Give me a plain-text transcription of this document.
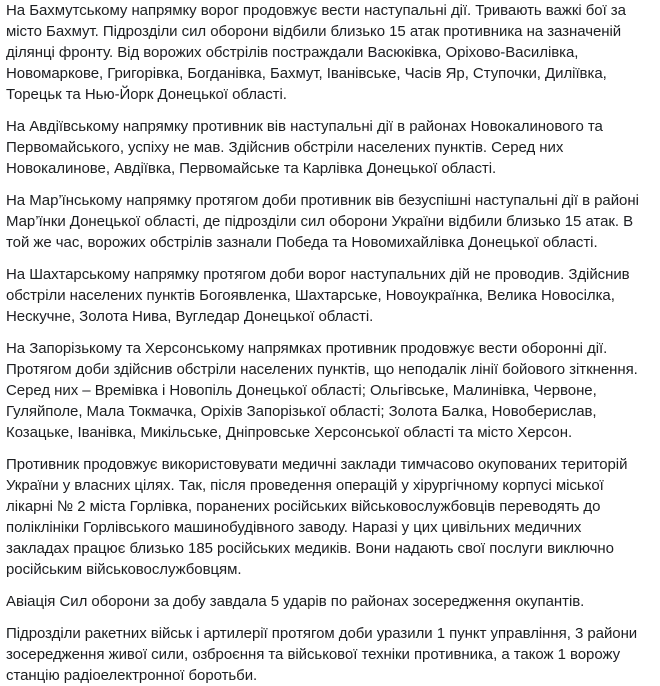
На Бахмутському напрямку ворог продовжує вести наступальні дії. Тривають важкі бої за місто Бахмут. Підрозділи сил оборони відбили близько 15 атак противника на зазначеній ділянці фронту. Від ворожих обстрілів постраждали Васюківка, Оріхово-Василівка, Новомаркове, Григорівка, Богданівка, Бахмут, Іванівське, Часів Яр, Ступочки, Диліївка, Торецьк та Нью-Йорк Донецької області.

На Авдіївському напрямку противник вів наступальні дії в районах Новокалинового та Первомайського, успіху не мав. Здійснив обстріли населених пунктів. Серед них Новокалинове, Авдіївка, Первомайське та Карлівка Донецької області.

На Мар’їнському напрямку протягом доби противник вів безуспішні наступальні дії в районі Мар’їнки Донецької області, де підрозділи сил оборони України відбили близько 15 атак. В той же час, ворожих обстрілів зазнали Победа та Новомихайлівка Донецької області.

На Шахтарському напрямку протягом доби ворог наступальних дій не проводив. Здійснив обстріли населених пунктів Богоявленка, Шахтарське, Новоукраїнка, Велика Новосілка, Нескучне, Золота Нива, Вугледар Донецької області.

На Запорізькому та Херсонському напрямках противник продовжує вести оборонні дії. Протягом доби здійснив обстріли населених пунктів, що неподалік лінії бойового зіткнення. Серед них – Времівка і Новопіль Донецької області; Ольгівське, Малинівка, Червоне, Гуляйполе, Мала Токмачка, Оріхів Запорізької області; Золота Балка, Новоберислав, Козацьке, Іванівка, Микільське, Дніпровське Херсонської області та місто Херсон.

Противник продовжує використовувати медичні заклади тимчасово окупованих територій України у власних цілях. Так, після проведення операцій у хірургічному корпусі міської лікарні № 2 міста Горлівка, поранених російських військовослужбовців переводять до поліклініки Горлівського машинобудівного заводу. Наразі у цих цивільних медичних закладах працює близько 185 російських медиків. Вони надають свої послуги виключно російським військовослужбовцям.

Авіація Сил оборони за добу завдала 5 ударів по районах зосередження окупантів.

Підрозділи ракетних військ і артилерії протягом доби уразили 1 пункт управління, 3 райони зосередження живої сили, озброєння та військової техніки противника, а також 1 ворожу станцію радіоелектронної боротьби.
